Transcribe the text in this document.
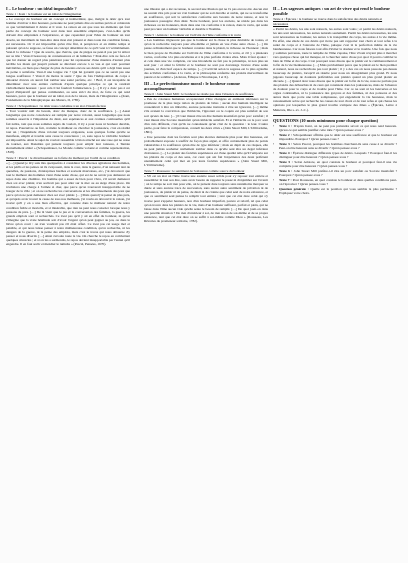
I – Le bonheur : un idéal impossible ?
Texte 1 : Kant : le bonheur est un idéal de l'imagination
« Le concept du bonheur est un concept si indéterminé, que, malgré le désir qu'a tout homme d'arriver à être heureux, personne ne peut jamais dire en termes précis et cohérents ce que véritablement il désire et il veut. La raison en est que tous les éléments qui font partie du concept du bonheur sont dans leur ensemble empiriques, c'est-à-dire qu'ils doivent être empruntés à l'expérience, et que cependant pour l'idée du bonheur un tout absolu, un maximum de bien-être dans mon état présent et dans toute ma condition future, est nécessaire. Or il est impossible qu'un être fini, si perspicace et en même temps si puissant qu'on le suppose, se fasse un concept déterminé de ce qu'il veut ici véritablement. Veut-il la richesse ? Que de soucis, que d'envie, que de pièges ne peut-il pas par là attirer sur sa tête ! Veut-il beaucoup de connaissances et de lumières ? Peut-être cela ne fera-t-il que lui donner un regard plus pénétrant pour lui représenter d'une manière d'autant plus terrible les maux qui jusqu'à présent se dérobent encore à sa vue et qui sont pourtant inévitables, ou bien que charger de plus de besoins encore ses désirs qu'il a déjà bien assez de peine à satisfaire. Veut-il une longue vie ? Qui lui garantit que ce ne serait pas une longue souffrance ? Veut-il du moins la santé ? Que de fois l'indisposition du corps a détourné d'excès où aurait fait tomber une santé parfaite, etc. ! Bref, il est incapable de déterminer avec une entière certitude d'après quelque principe ce qui le rendrait véritablement heureux : pour cela il lui faudrait l'omniscience. […] Il s'y a donc pas à cet égard d'impératif qui puisse commander, au sens strict du mot, de faire ce qui rend heureux, parce que le bonheur est un idéal, non de la raison, mais de l'imagination » (Kant, Fondements de la Métaphysique des Mœurs, II, 1785).
Texte 2 : Schopenhauer : le désir nous condamne à un état d'insatisfaction
« Tout vouloir naît du besoin, donc du manque, donc de la souffrance. […] Aussi longtemps que notre conscience est remplie par notre volonté, aussi longtemps que nous sommes asservis à l'impulsion du désir, aux espérances et aux craintes continuelles qu'il fait naître, tant que nous sommes sujets du vouloir, il n'y a pour nous ni bonheur durable, ni repos. Poursuivre ou fuir, craindre le malheur ou chercher la jouissance, c'est en réalité tout un ; l'inquiétude d'une volonté toujours exigeante, sous quelque forme qu'elle se manifeste, emplit et trouble sans cesse la conscience ; or, sans repos le véritable bonheur est impossible. Ainsi le sujet du vouloir ressemble à Ixion attaché sur une roue qui ne cesse de tourner, aux Danaïdes qui puisent toujours pour emplir leur tonneau, à Tantale éternellement altéré » (Schopenhauer, Le Monde comme volonté et comme représentation, 1818).
Texte 3 : Pascal : le divertissement ou la fuite du malheur par l'oubli de sa condition
« […] Quand je m'y suis mis quelquefois à considérer les diverses agitations des hommes, et les périls et les peines où ils s'exposent, dans la cour, dans la guerre, d'où naissent tant de querelles, de passions, d'entreprises hardies et souvent mauvaises, etc., j'ai découvert que tout le malheur des hommes vient d'une seule chose, qui est de ne savoir pas demeurer en repos dans une chambre. Un homme qui a assez de bien pour vivre, s'il savait demeurer chez soi avec plaisir, n'en sortirait pas pour aller sur la mer ou au siège d'une place. On n'achètera une charge à l'armée si cher, que parce qu'on trouverait insupportable de ne bouger de la ville ; et on ne recherche les conversations et les divertissements des jeux que parce qu'on ne peut demeurer chez soi avec plaisir. […] Mais quand j'ai pensé de plus près, et qu'après avoir trouvé la cause de tous nos malheurs, j'ai voulu en découvrir la raison, j'ai trouvé qu'il y en a une bien effective, qui consiste dans le malheur naturel de notre condition faible et mortelle, et si misérable, que rien ne peut nous consoler lorsque nous y pensons de près. […] De là vient que le jeu et la conversation des femmes, la guerre, les grands emplois sont si recherchés. Ce n'est pas qu'il y ait en effet du bonheur, ni qu'on s'imagine que la vraie béatitude soit d'avoir l'argent qu'on peut gagner au jeu, ou dans le lièvre qu'on court : on n'en voudrait pas s'il était offert. Ce n'est pas cet usage mol et paisible, et qui nous laisse penser à notre malheureuse condition, qu'on recherche, ni les dangers de la guerre, ni la peine des emplois, mais c'est le tracas qui nous détourne d'y penser et nous divertit. […] Ainsi s'écoule toute la vie. On cherche le repos en combattant quelques obstacles ; et si on les a surmontés, le repos devient insupportable par l'ennui qu'il engendre. Il en faut sortir et mendier le tumulte » (Pascal, Pensées, 1670).
une illusion qui a été reconnue, le second une illusion qui ne l'a pas encore été. Aucun état ne saurait être pris pour un vrai bonheur qui ne soit durable et stable, qui ne se transforme en souffrance, qui soit la satisfaction conforme aux besoins de notre nature, et non la jouissance passagère d'un désir. Notre bonheur, pour les anciens, ne réside pas dans les richesses ou les honneurs, mais dans une vie conforme à la raison, dans la vertu, qui seule peut procurer un bonheur véritable et durable à l'homme.
Texte 5 : Aristote : le bonheur est l'activité de l'âme conforme à la vertu
« Les hommes n'ignorent pas que le bonheur est la chose la plus désirable de toutes, et qu'on la recherche toujours pour elle-même et jamais en vue d'une autre chose. […] On pense ordinairement que le bonheur consiste dans le plaisir, la richesse ou l'honneur ; mais le bien propre de l'homme est l'activité de l'âme conforme à la vertu, et s'il y a plusieurs vertus, conforme à la plus excellente et à la plus parfaite d'entre elles. Mais il faut ajouter : et cela dans une vie complète, car une hirondelle ne fait pas le printemps, ni non plus un seul jour : et ainsi la félicité et le bonheur ne sont pas davantage l'œuvre d'une seule journée, ni d'un bref espace de temps. […] L'activité selon la sagesse est la plus agréable des activités conformes à la vertu, et la philosophie renferme des plaisirs merveilleux de pureté et de solidité » (Aristote, Éthique à Nicomaque, I et X).
III – Le perfectionnisme moral : le bonheur comme accomplissement
Texte 6 : John Stuart Mill : le bonheur ne réside pas dans l'absence de souffrance
« Peu de créatures humaines accepteraient d'être changées en animaux inférieurs sur la promesse de la plus large ration de plaisirs de bêtes ; aucun être humain intelligent ne consentirait à être un imbécile, aucune personne instruite à être un ignorant, […] même s'ils avaient la conviction que l'imbécile, l'ignorant ou le coquin est plus satisfait de son sort qu'eux du leur. […] Il vaut mieux être un être humain insatisfait qu'un porc satisfait ; il vaut mieux être Socrate insatisfait qu'un imbécile satisfait. Et si l'imbécile ou le porc sont d'un avis différent, c'est qu'ils ne connaissent qu'un côté de la question : le leur. L'autre partie, pour faire la comparaison, connaît les deux côtés » (John Stuart Mill, L'Utilitarisme, 1861).
« Une personne dont les facultés sont plus élevées demande plus pour être heureuse, est probablement exposée à souffrir de façon plus aiguë, et offre certainement plus de points vulnérables à la souffrance qu'un être de type inférieur ; mais en dépit de ces risques, elle ne peut jamais souhaiter réellement tomber dans ce qu'elle sent être un degré inférieur d'existence. […] Le plaisir des facultés supérieures est d'une qualité telle qu'il l'emporte sur les plaisirs du corps et des sens, car ceux qui ont fait l'expérience des deux préfèrent unanimement celui qui met en jeu leurs facultés supérieures » (John Stuart Mill, L'Utilitarisme).
Texte 7 : Rousseau : le sentiment de l'existence comme source du bonheur
« S'il est un état où l'âme trouve une assiette assez solide pour s'y reposer tout entière et rassembler là tout son être, sans avoir besoin de rappeler le passé ni d'enjamber sur l'avenir ; où le temps ne soit rien pour elle, où le présent dure toujours sans néanmoins marquer sa durée et sans aucune trace de succession, sans aucun autre sentiment de privation ni de jouissance, de plaisir ni de peine, de désir ni de crainte que celui seul de notre existence, et que ce sentiment seul puisse la remplir tout entière ; tant que cet état dure celui qui s'y trouve peut s'appeler heureux, non d'un bonheur imparfait, pauvre et relatif, tel que celui qu'on trouve dans les plaisirs de la vie, mais d'un bonheur suffisant, parfait et plein, qui ne laisse dans l'âme aucun vide qu'elle sente le besoin de remplir. […] De quoi jouit-on dans une pareille situation ? De rien d'extérieur à soi, de rien sinon de soi-même et de sa propre existence, tant que cet état dure on se suffit à soi-même comme Dieu » (Rousseau, Les Rêveries du promeneur solitaire, 1782).
II – Les sagesses antiques : un art de vivre qui rend le bonheur possible
Texte 4 : Épicure : le bonheur se trouve dans la satisfaction des désirs naturels et nécessaires
« Parmi les désirs, les uns sont naturels, les autres sont vains ; et parmi les désirs naturels, les uns sont nécessaires, les autres naturels seulement. Parmi les désirs nécessaires, les uns sont nécessaires au bonheur, les autres à la tranquillité du corps, les autres à la vie même. En effet, une étude de ces désirs qui n'erre pas sait rapporter tout choix et tout refus à la santé du corps et à l'ataraxie de l'âme, puisque c'est là la perfection même de la vie bienheureuse. Car nous faisons tout afin d'éviter la douleur et le trouble. Une fois que nous y sommes parvenus, toute la tempête de l'âme s'apaise, l'être vivant n'ayant plus à marcher vers quelque chose qui lui manque, ni à chercher autre chose par quoi il pourra combler le bien de l'âme et du corps. C'est pourquoi nous disons que le plaisir est le commencement et la fin de la vie bienheureuse. […] Mais précisément parce que le plaisir est le bien premier et naturel, nous ne recherchons pas tout plaisir ; il y a des cas où nous passons par-dessus beaucoup de plaisirs, lorsqu'il en résulte pour nous un désagrément plus grand. Et nous jugeons beaucoup de douleurs préférables aux plaisirs quand un plus grand plaisir en découle. […] Quand donc nous disons que le plaisir est la fin de la vie, nous ne parlons pas des plaisirs des débauchés ni de ceux qui consistent dans les jouissances, mais de l'absence de douleur pour le corps et de trouble pour l'âme. Car ce ne sont ni les beuveries et les orgies continuelles, ni la jouissance des garçons et des femmes, ni des poissons et des autres mets que porte une table somptueuse, qui engendrent la vie heureuse, mais le raisonnement sobre qui recherche les causes de tout choix et de tout refus et qui chasse les opinions par lesquelles le plus grand trouble s'empare des âmes » (Épicure, Lettre à Ménécée, IIIe s. av. J.-C.).
QUESTIONS (10 mots minimum pour chaque question)
•	Texte 1 : D'après Kant, on ne peut pas prétendre savoir ce qui nous rend heureux. Qu'est-ce qui semble justifier cette idée ? Qu'en pensez-vous ?
•	Texte 2 : Schopenhauer affirme que le désir est une souffrance et que le bonheur est impossible. Pourquoi ? Qu'en pensez-vous ?
•	Texte 3 : Selon Pascal, pourquoi les hommes cherchent-ils sans cesse à se divertir ? Peut-on être heureux sans se divertir ? Qu'en pensez-vous ?
•	Texte 4 : Épicure distingue différents types de désirs. Lesquels ? Pourquoi faut-il les distinguer pour être heureux ? Qu'en pensez-vous ?
•	Texte 5 : Selon Aristote, en quoi consiste le bonheur et pourquoi faut-il une vie complète pour être heureux ? Qu'en pensez-vous ?
•	Texte 6 : John Stuart Mill préfère-t-il être un porc satisfait ou Socrate insatisfait ? Pourquoi ? Qu'en pensez-vous ?
•	Texte 7 : Pour Rousseau, en quoi consiste le bonheur et dans quelles conditions peut-on l'éprouver ? Qu'en pensez-vous ?
•	Question générale : Quelle est la position qui vous semble la plus pertinente ? Expliquez votre choix.
